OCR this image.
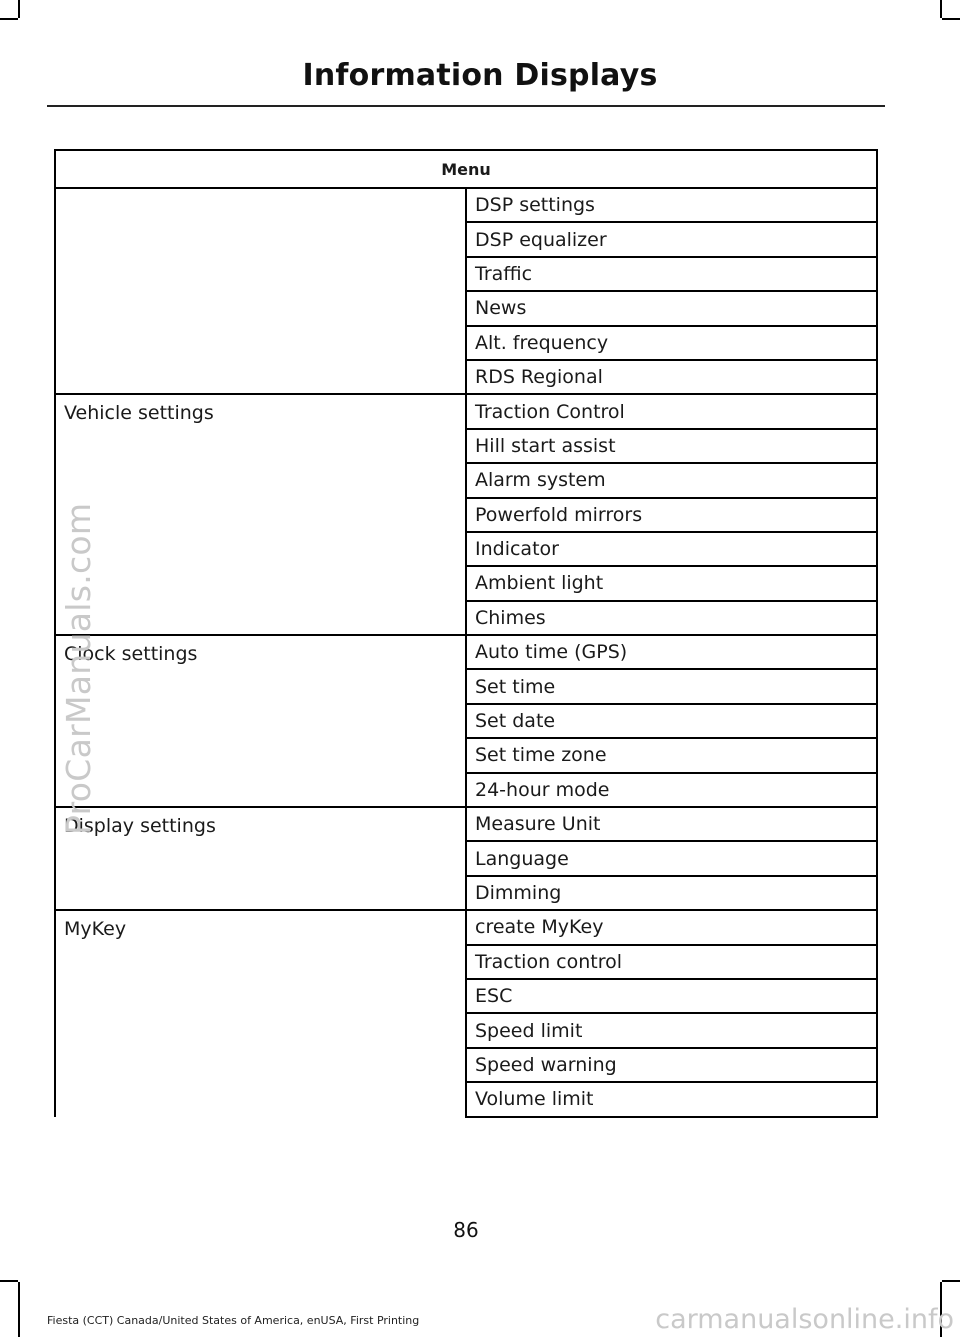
Information Displays
Menu	
	DSP settings
	DSP equalizer
	Traffic
	News
	Alt. frequency
	RDS Regional
Vehicle settings	Traction Control
	Hill start assist
	Alarm system
	Powerfold mirrors
	Indicator
	Ambient light
	Chimes
Clock settings	Auto time (GPS)
	Set time
	Set date
	Set time zone
	24-hour mode
Display settings	Measure Unit
	Language
	Dimming
MyKey	create MyKey
	Traction control
	ESC
	Speed limit
	Speed warning
	Volume limit
ProCarManuals.com
86
Fiesta (CCT) Canada/United States of America, enUSA, First Printing	carmanualsonline.info
